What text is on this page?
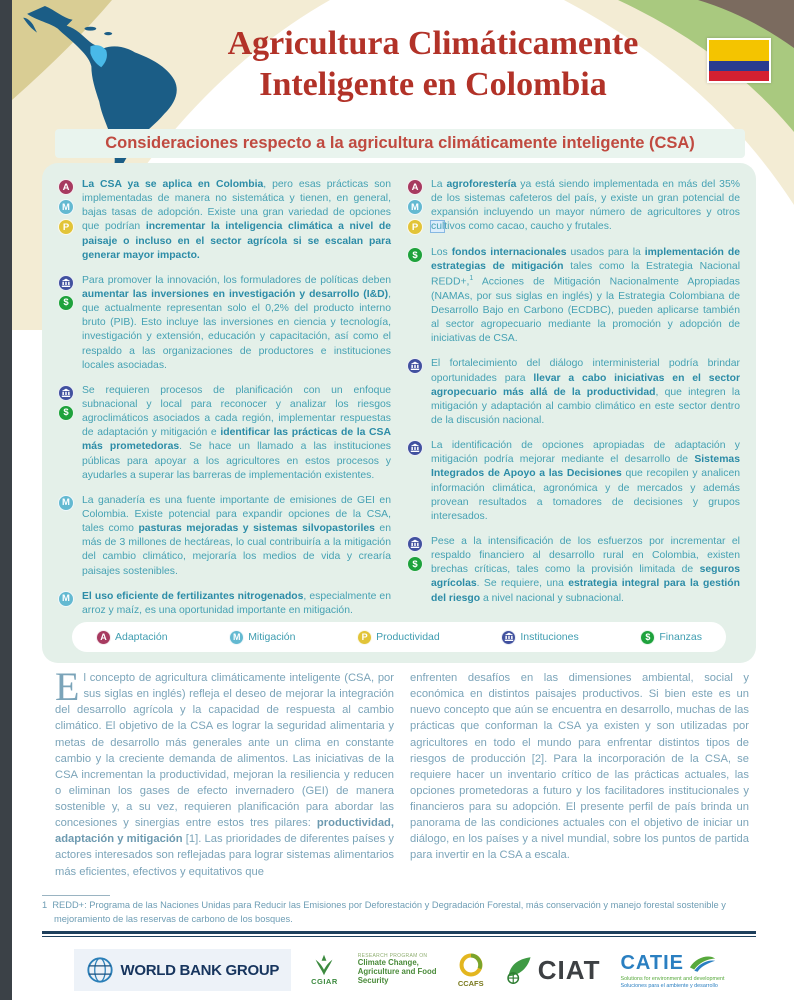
Agricultura Climáticamente
Inteligente en Colombia
Consideraciones respecto a la agricultura climáticamente inteligente (CSA)
A
M
P

La CSA ya se aplica en Colombia, pero esas prácticas son implementadas de manera no sistemática y tienen, en general, bajas tasas de adopción. Existe una gran variedad de opciones que podrían incrementar la inteligencia climática a nivel de paisaje o incluso en el sector agrícola si se escalan para generar mayor impacto.

$

Para promover la innovación, los formuladores de políticas deben aumentar las inversiones en investigación y desarrollo (I&D), que actualmente representan solo el 0,2% del producto interno bruto (PIB). Esto incluye las inversiones en ciencia y tecnología, investigación y extensión, educación y capacitación, así como el respaldo a las organizaciones de productores e instituciones locales asociadas.

$

Se requieren procesos de planificación con un enfoque subnacional y local para reconocer y analizar los riesgos agroclimáticos asociados a cada región, implementar respuestas de adaptación y mitigación e identificar las prácticas de la CSA más prometedoras. Se hace un llamado a las instituciones públicas para apoyar a los agricultores en estos procesos y ayudarles a superar las barreras de implementación existentes.

M	La ganadería es una fuente importante de emisiones de GEI en Colombia. Existe potencial para expandir opciones de la CSA, tales como pasturas mejoradas y sistemas silvopastoriles en más de 3 millones de hectáreas, lo cual contribuiría a la mitigación del cambio climático, mejoraría los medios de vida y crearía paisajes sostenibles.

M	El uso eficiente de fertilizantes nitrogenados, especialmente en arroz y maíz, es una oportunidad importante en mitigación.

A
M
P

La agroforestería ya está siendo implementada en más del 35% de los sistemas cafeteros del país, y existe un gran potencial de expansión incluyendo un mayor número de agricultores y otros cultivos como cacao, caucho y frutales.

$	Los fondos internacionales usados para la implementación de estrategias de mitigación tales como la Estrategia Nacional REDD+,$^1$ Acciones de Mitigación Nacionalmente Apropiadas (NAMAs, por sus siglas en inglés) y la Estrategia Colombiana de Desarrollo Bajo en Carbono (ECDBC), pueden aplicarse también al sector agropecuario mediante la promoción y adopción de iniciativas de CSA.

El fortalecimiento del diálogo interministerial podría brindar oportunidades para llevar a cabo iniciativas en el sector agropecuario más allá de la productividad, que integren la mitigación y adaptación al cambio climático en este sector dentro de la discusión nacional.

La identificación de opciones apropiadas de adaptación y mitigación podría mejorar mediante el desarrollo de Sistemas Integrados de Apoyo a las Decisiones que recopilen y analicen información climática, agronómica y de mercados y además provean resultados a tomadores de decisiones y grupos interesados.

$

Pese a la intensificación de los esfuerzos por incrementar el respaldo financiero al desarrollo rural en Colombia, existen brechas críticas, tales como la provisión limitada de seguros agrícolas. Se requiere, una estrategia integral para la gestión del riesgo a nivel nacional y subnacional.

A Adaptación	M Mitigación	P Productividad	Instituciones	$ Finanzas

El concepto de agricultura climáticamente inteligente (CSA, por sus siglas en inglés) refleja el deseo de mejorar la integración del desarrollo agrícola y la capacidad de respuesta al cambio climático. El objetivo de la CSA es lograr la seguridad alimentaria y metas de desarrollo más generales ante un clima en constante cambio y la creciente demanda de alimentos. Las iniciativas de la CSA incrementan la productividad, mejoran la resiliencia y reducen o eliminan los gases de efecto invernadero (GEI) de manera sostenible y, a su vez, requieren planificación para abordar las concesiones y sinergias entre estos tres pilares: productividad, adaptación y mitigación [1]. Las prioridades de diferentes países y actores interesados son reflejadas para lograr sistemas alimentarios más eficientes, efectivos y equitativos que

enfrenten desafíos en las dimensiones ambiental, social y económica en distintos paisajes productivos. Si bien este es un nuevo concepto que aún se encuentra en desarrollo, muchas de las prácticas que conforman la CSA ya existen y son utilizadas por agricultores en todo el mundo para enfrentar distintos tipos de riesgos de producción [2]. Para la incorporación de la CSA, se requiere hacer un inventario crítico de las prácticas actuales, las opciones prometedoras a futuro y los facilitadores institucionales y financieros para su adopción. El presente perfil de país brinda un panorama de las condiciones actuales con el objetivo de iniciar un diálogo, en los países y a nivel mundial, sobre los puntos de partida para invertir en la CSA a escala.

1 REDD+: Programa de las Naciones Unidas para Reducir las Emisiones por Deforestación y Degradación Forestal, más conservación y manejo forestal sostenible y mejoramiento de las reservas de carbono de los bosques.
WORLD BANK GROUP
CGIAR
RESEARCH PROGRAM ON
Climate Change, Agriculture and Food Security	CCAFS CIAT CATIE
Solutions for environment and development
Soluciones para el ambiente y desarrollo
